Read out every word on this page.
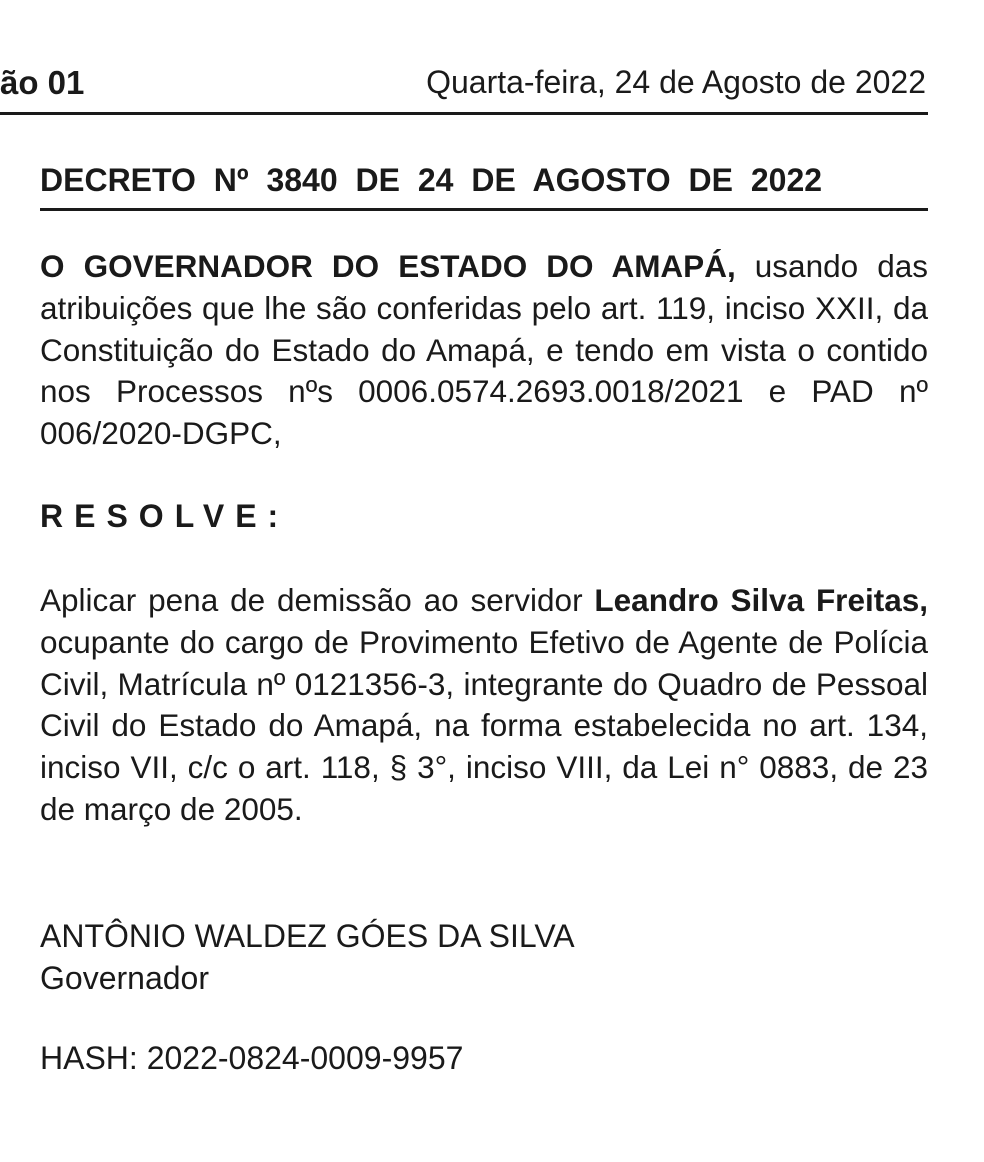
ão 01	Quarta-feira, 24 de Agosto de 2022
DECRETO Nº 3840 DE 24 DE AGOSTO DE 2022

O GOVERNADOR DO ESTADO DO AMAPÁ, usando das atribuições que lhe são conferidas pelo art. 119, inciso XXII, da Constituição do Estado do Amapá, e tendo em vista o contido nos Processos nºs 0006.0574.2693.0018/2021 e PAD nº 006/2020-DGPC,

RESOLVE:

Aplicar pena de demissão ao servidor Leandro Silva Freitas, ocupante do cargo de Provimento Efetivo de Agente de Polícia Civil, Matrícula nº 0121356-3, integrante do Quadro de Pessoal Civil do Estado do Amapá, na forma estabelecida no art. 134, inciso VII, c/c o art. 118, § 3°, inciso VIII, da Lei n° 0883, de 23 de março de 2005.

ANTÔNIO WALDEZ GÓES DA SILVA
Governador
HASH: 2022-0824-0009-9957
